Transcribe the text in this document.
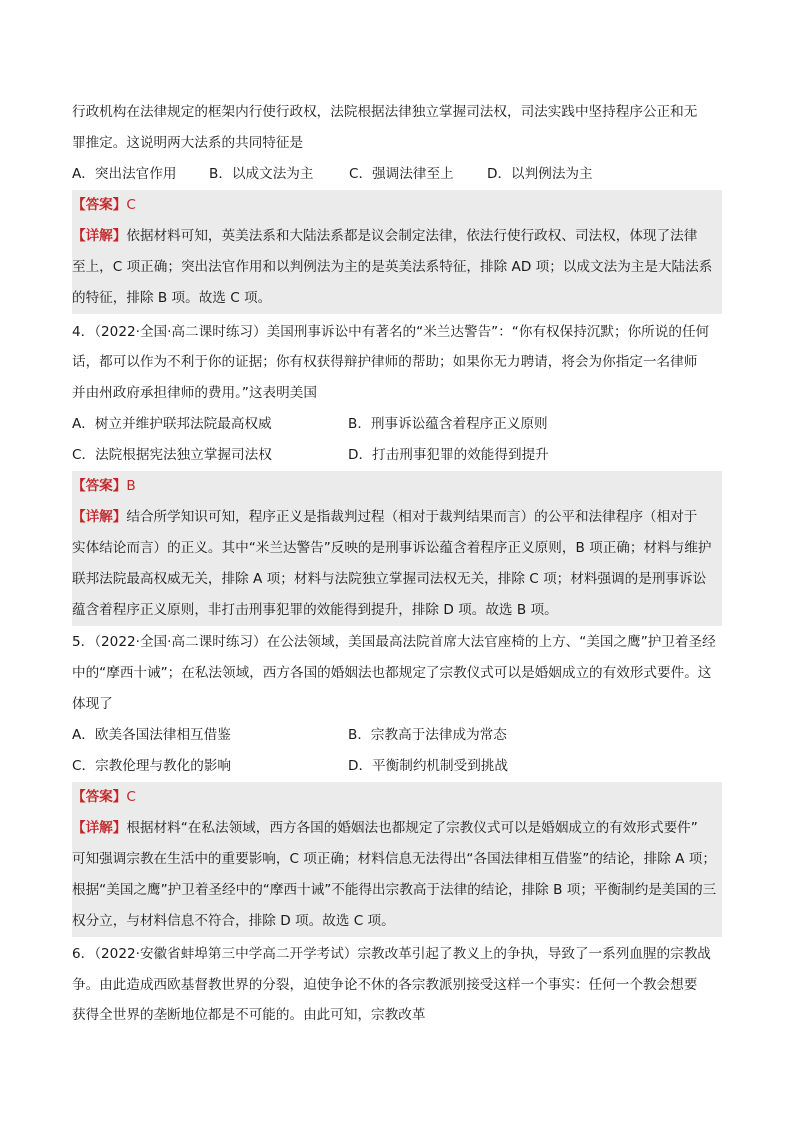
行政机构在法律规定的框架内行使行政权，法院根据法律独立掌握司法权，司法实践中坚持程序公正和无
罪推定。这说明两大法系的共同特征是
A．突出法官作用 B．以成文法为主	C．强调法律至上 D．以判例法为主
【答案】C
【详解】依据材料可知，英美法系和大陆法系都是议会制定法律，依法行使行政权、司法权，体现了法律
至上，C 项正确；突出法官作用和以判例法为主的是英美法系特征，排除 AD 项；以成文法为主是大陆法系
的特征，排除 B 项。故选 C 项。
4．（2022·全国·高二课时练习）美国刑事诉讼中有著名的“米兰达警告”：“你有权保持沉默；你所说的任何
话，都可以作为不利于你的证据；你有权获得辩护律师的帮助；如果你无力聘请，将会为你指定一名律师
并由州政府承担律师的费用。”这表明美国
A．树立并维护联邦法院最高权威	B．刑事诉讼蕴含着程序正义原则
C．法院根据宪法独立掌握司法权	D．打击刑事犯罪的效能得到提升
【答案】B
【详解】结合所学知识可知，程序正义是指裁判过程（相对于裁判结果而言）的公平和法律程序（相对于
实体结论而言）的正义。其中“米兰达警告”反映的是刑事诉讼蕴含着程序正义原则，B 项正确；材料与维护
联邦法院最高权威无关，排除 A 项；材料与法院独立掌握司法权无关，排除 C 项；材料强调的是刑事诉讼
蕴含着程序正义原则，非打击刑事犯罪的效能得到提升，排除 D 项。故选 B 项。
5．（2022·全国·高二课时练习）在公法领域，美国最高法院首席大法官座椅的上方、“美国之鹰”护卫着圣经
中的“摩西十诫”；在私法领域，西方各国的婚姻法也都规定了宗教仪式可以是婚姻成立的有效形式要件。这
体现了
A．欧美各国法律相互借鉴	B．宗教高于法律成为常态
C．宗教伦理与教化的影响	D．平衡制约机制受到挑战
【答案】C
【详解】根据材料“在私法领域，西方各国的婚姻法也都规定了宗教仪式可以是婚姻成立的有效形式要件”
可知强调宗教在生活中的重要影响，C 项正确；材料信息无法得出“各国法律相互借鉴”的结论，排除 A 项；
根据“美国之鹰”护卫着圣经中的“摩西十诫”不能得出宗教高于法律的结论，排除 B 项；平衡制约是美国的三
权分立，与材料信息不符合，排除 D 项。故选 C 项。
6．（2022·安徽省蚌埠第三中学高二开学考试）宗教改革引起了教义上的争执，导致了一系列血腥的宗教战
争。由此造成西欧基督教世界的分裂，迫使争论不休的各宗教派别接受这样一个事实：任何一个教会想要
获得全世界的垄断地位都是不可能的。由此可知，宗教改革
